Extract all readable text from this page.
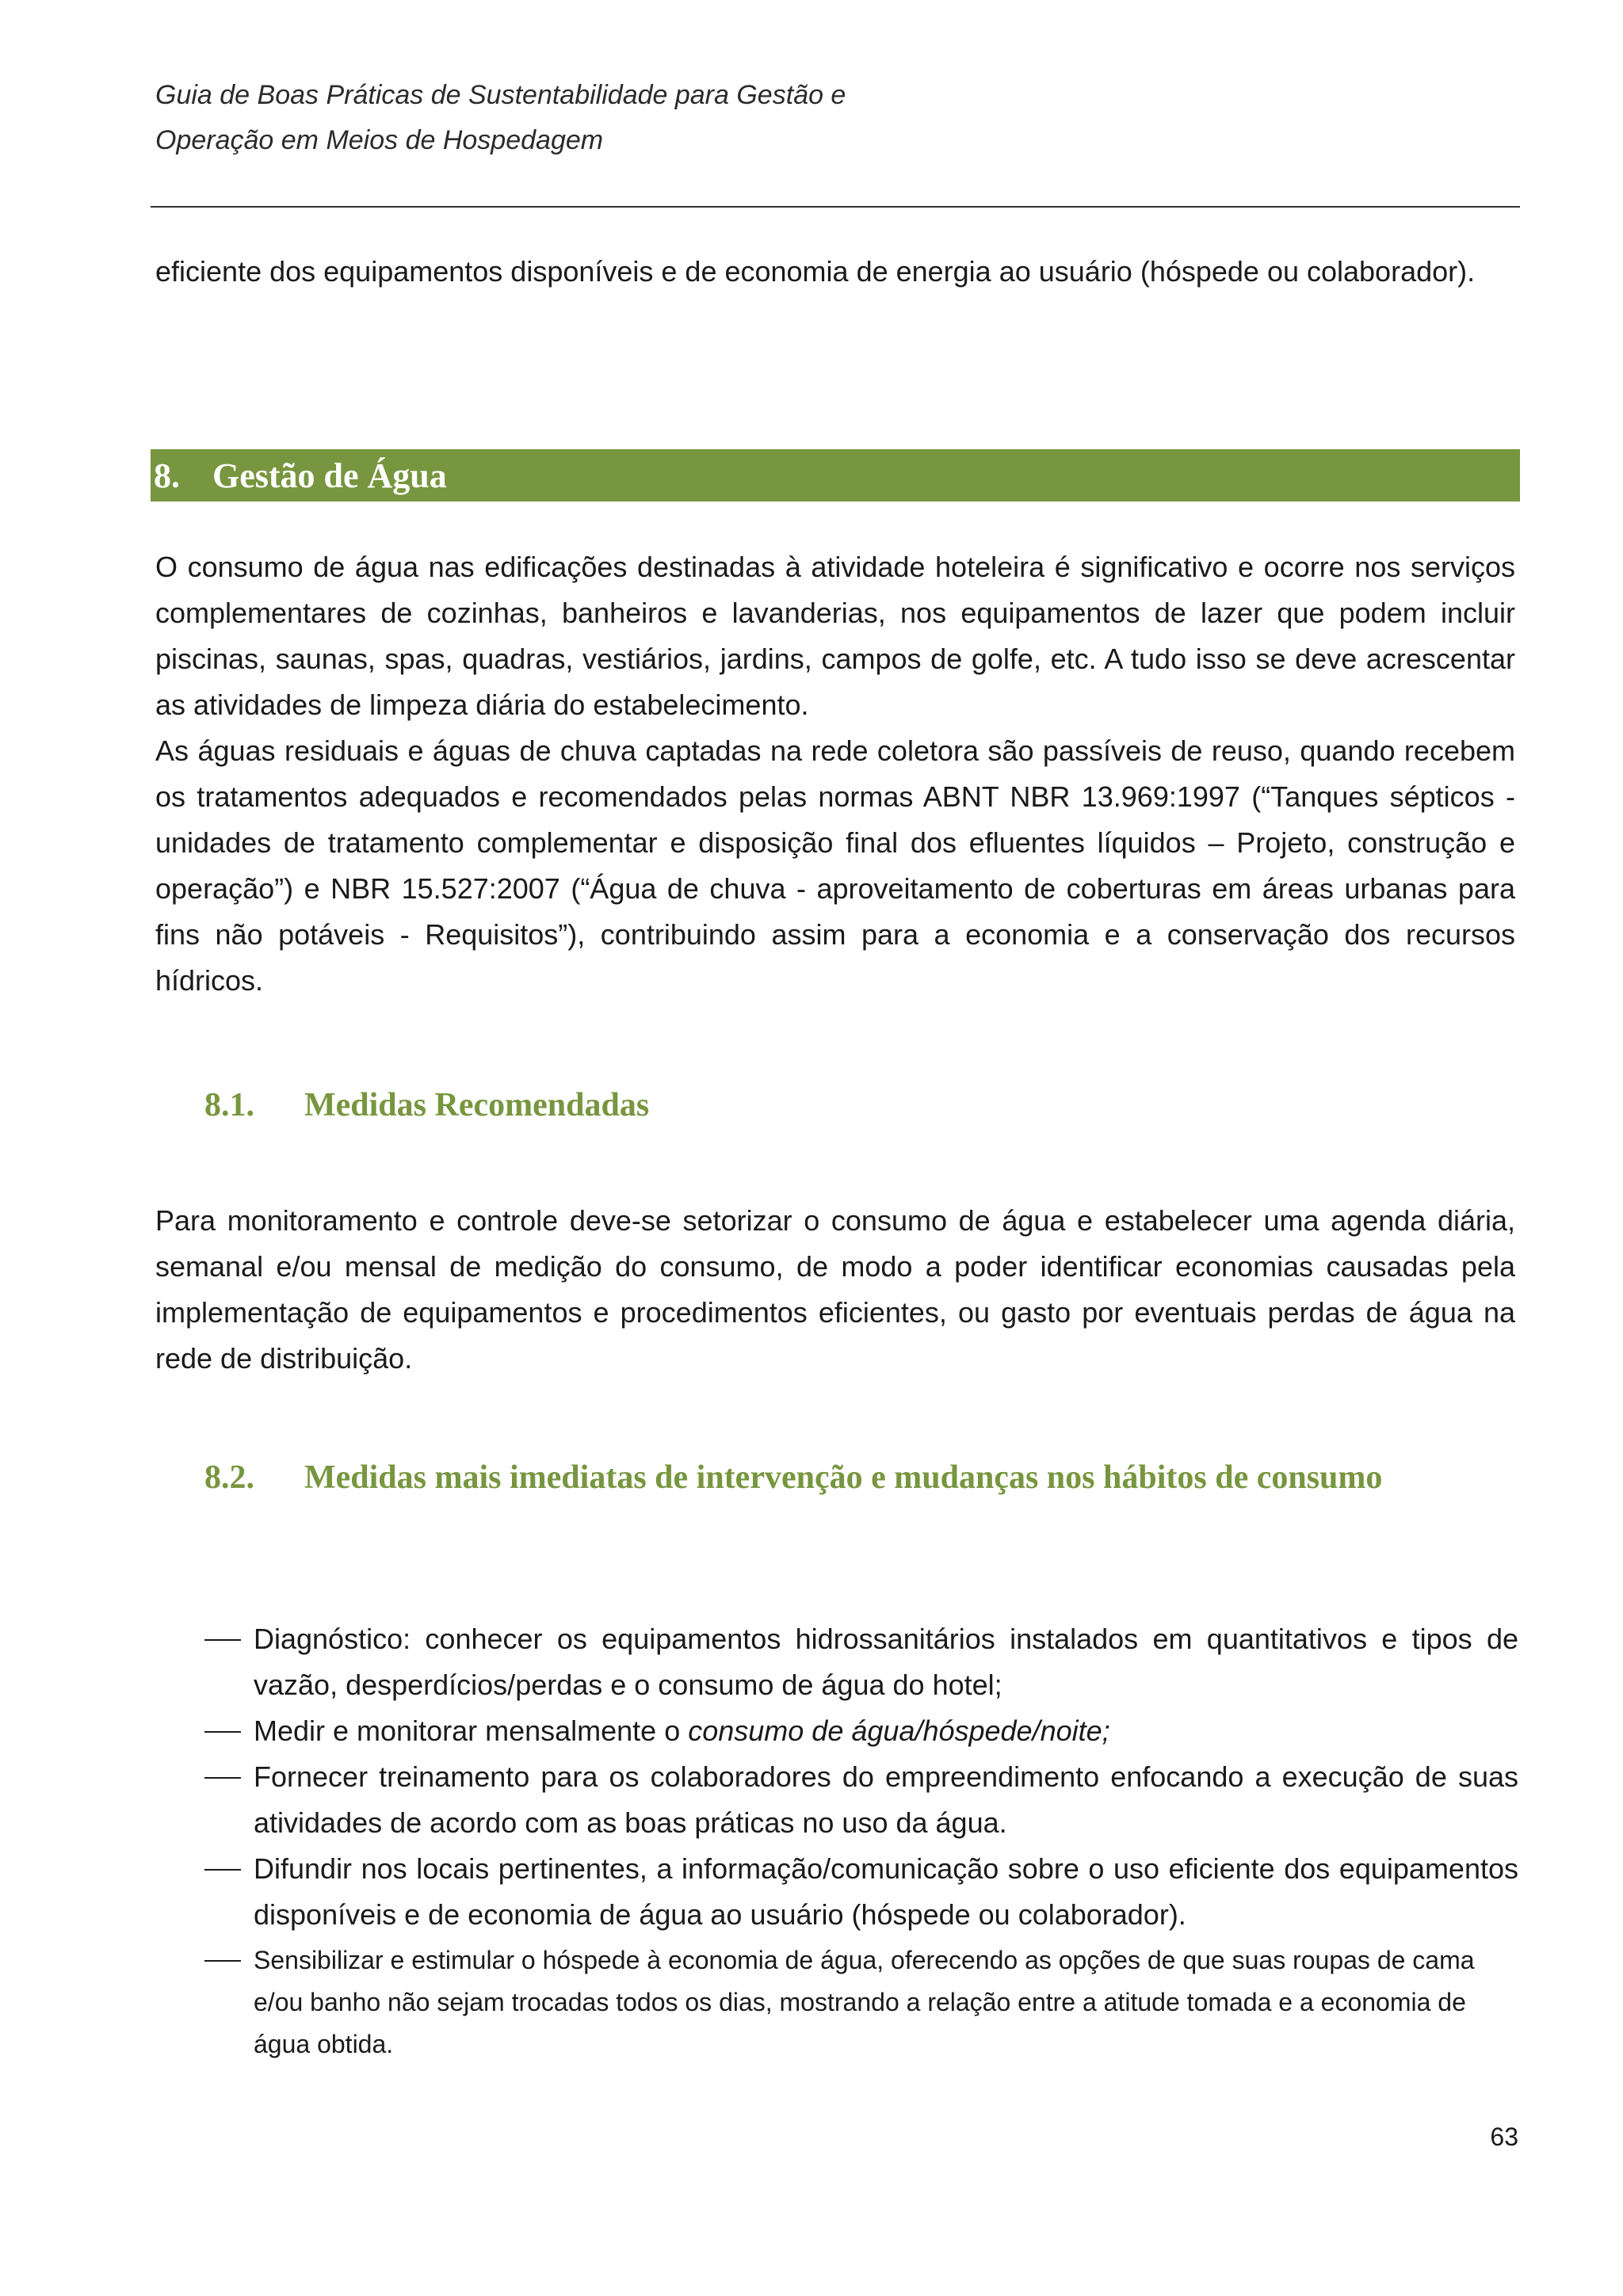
Guia de Boas Práticas de Sustentabilidade para Gestão e
Operação em Meios de Hospedagem

eficiente dos equipamentos disponíveis e de economia de energia ao usuário (hóspede ou colaborador).

8. Gestão de Água

O consumo de água nas edificações destinadas à atividade hoteleira é significativo e ocorre nos serviços complementares de cozinhas, banheiros e lavanderias, nos equipamentos de lazer que podem incluir piscinas, saunas, spas, quadras, vestiários, jardins, campos de golfe, etc. A tudo isso se deve acrescentar as atividades de limpeza diária do estabelecimento.

As águas residuais e águas de chuva captadas na rede coletora são passíveis de reuso, quando recebem os tratamentos adequados e recomendados pelas normas ABNT NBR 13.969:1997 (“Tanques sépticos - unidades de tratamento complementar e disposição final dos efluentes líquidos – Projeto, construção e operação”) e NBR 15.527:2007 (“Água de chuva - aproveitamento de coberturas em áreas urbanas para fins não potáveis - Requisitos”), contribuindo assim para a economia e a conservação dos recursos hídricos.

8.1.	Medidas Recomendadas

Para monitoramento e controle deve-se setorizar o consumo de água e estabelecer uma agenda diária, semanal e/ou mensal de medição do consumo, de modo a poder identificar economias causadas pela implementação de equipamentos e procedimentos eficientes, ou gasto por eventuais perdas de água na rede de distribuição.

8.2.	Medidas mais imediatas de intervenção e mudanças nos hábitos de consumo
Diagnóstico: conhecer os equipamentos hidrossanitários instalados em quantitativos e tipos de vazão, desperdícios/perdas e o consumo de água do hotel;
Medir e monitorar mensalmente o consumo de água/hóspede/noite;
Fornecer treinamento para os colaboradores do empreendimento enfocando a execução de suas atividades de acordo com as boas práticas no uso da água.
Difundir nos locais pertinentes, a informação/comunicação sobre o uso eficiente dos equipamentos disponíveis e de economia de água ao usuário (hóspede ou colaborador).
Sensibilizar e estimular o hóspede à economia de água, oferecendo as opções de que suas roupas de cama e/ou banho não sejam trocadas todos os dias, mostrando a relação entre a atitude tomada e a economia de água obtida.
63
